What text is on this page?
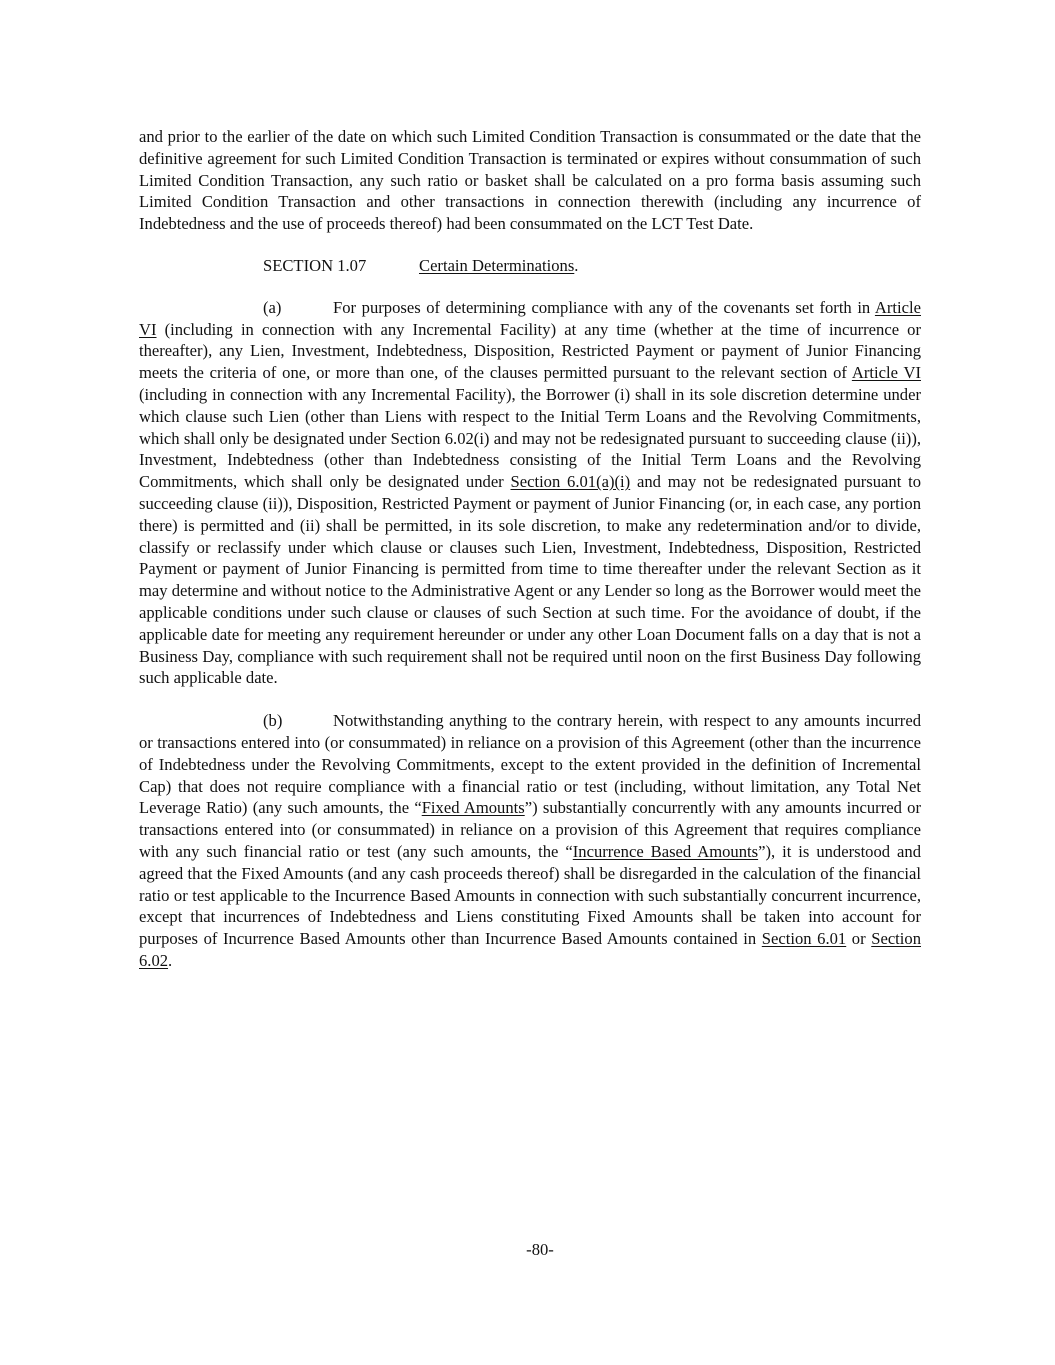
and prior to the earlier of the date on which such Limited Condition Transaction is consummated or the date that the definitive agreement for such Limited Condition Transaction is terminated or expires without consummation of such Limited Condition Transaction, any such ratio or basket shall be calculated on a pro forma basis assuming such Limited Condition Transaction and other transactions in connection therewith (including any incurrence of Indebtedness and the use of proceeds thereof) had been consummated on the LCT Test Date.

SECTION 1.07	Certain Determinations.

(a)	For purposes of determining compliance with any of the covenants set forth in Article VI (including in connection with any Incremental Facility) at any time (whether at the time of incurrence or thereafter), any Lien, Investment, Indebtedness, Disposition, Restricted Payment or payment of Junior Financing meets the criteria of one, or more than one, of the clauses permitted pursuant to the relevant section of Article VI (including in connection with any Incremental Facility), the Borrower (i) shall in its sole discretion determine under which clause such Lien (other than Liens with respect to the Initial Term Loans and the Revolving Commitments, which shall only be designated under Section 6.02(i) and may not be redesignated pursuant to succeeding clause (ii)), Investment, Indebtedness (other than Indebtedness consisting of the Initial Term Loans and the Revolving Commitments, which shall only be designated under Section 6.01(a)(i) and may not be redesignated pursuant to succeeding clause (ii)), Disposition, Restricted Payment or payment of Junior Financing (or, in each case, any portion there) is permitted and (ii) shall be permitted, in its sole discretion, to make any redetermination and/or to divide, classify or reclassify under which clause or clauses such Lien, Investment, Indebtedness, Disposition, Restricted Payment or payment of Junior Financing is permitted from time to time thereafter under the relevant Section as it may determine and without notice to the Administrative Agent or any Lender so long as the Borrower would meet the applicable conditions under such clause or clauses of such Section at such time. For the avoidance of doubt, if the applicable date for meeting any requirement hereunder or under any other Loan Document falls on a day that is not a Business Day, compliance with such requirement shall not be required until noon on the first Business Day following such applicable date.

(b)	Notwithstanding anything to the contrary herein, with respect to any amounts incurred or transactions entered into (or consummated) in reliance on a provision of this Agreement (other than the incurrence of Indebtedness under the Revolving Commitments, except to the extent provided in the definition of Incremental Cap) that does not require compliance with a financial ratio or test (including, without limitation, any Total Net Leverage Ratio) (any such amounts, the “Fixed Amounts”) substantially concurrently with any amounts incurred or transactions entered into (or consummated) in reliance on a provision of this Agreement that requires compliance with any such financial ratio or test (any such amounts, the “Incurrence Based Amounts”), it is understood and agreed that the Fixed Amounts (and any cash proceeds thereof) shall be disregarded in the calculation of the financial ratio or test applicable to the Incurrence Based Amounts in connection with such substantially concurrent incurrence, except that incurrences of Indebtedness and Liens constituting Fixed Amounts shall be taken into account for purposes of Incurrence Based Amounts other than Incurrence Based Amounts contained in Section 6.01 or Section 6.02.

-80-
